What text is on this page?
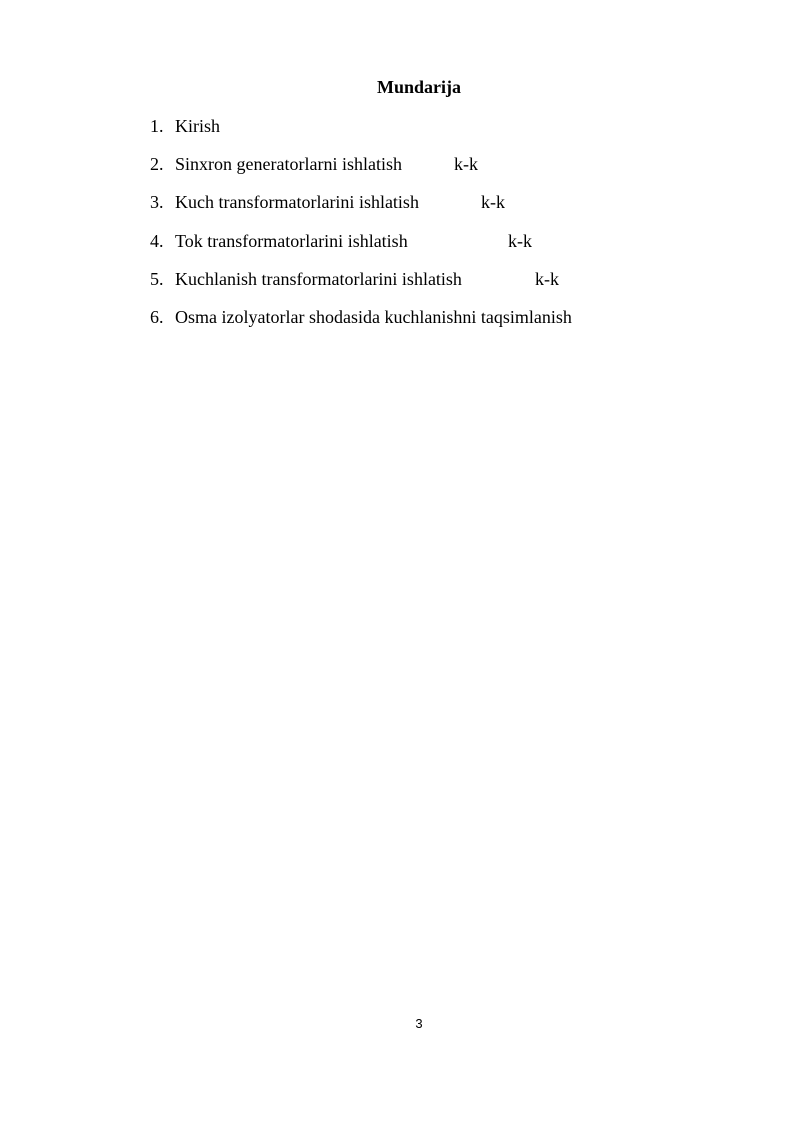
Mundarija
1. Kirish
2. Sinxron generatorlarni ishlatish	k-k
3. Kuch transformatorlarini ishlatish	k-k
4. Tok transformatorlarini ishlatish	k-k
5. Kuchlanish transformatorlarini ishlatish	k-k
6. Osma izolyatorlar shodasida kuchlanishni taqsimlanish
3
